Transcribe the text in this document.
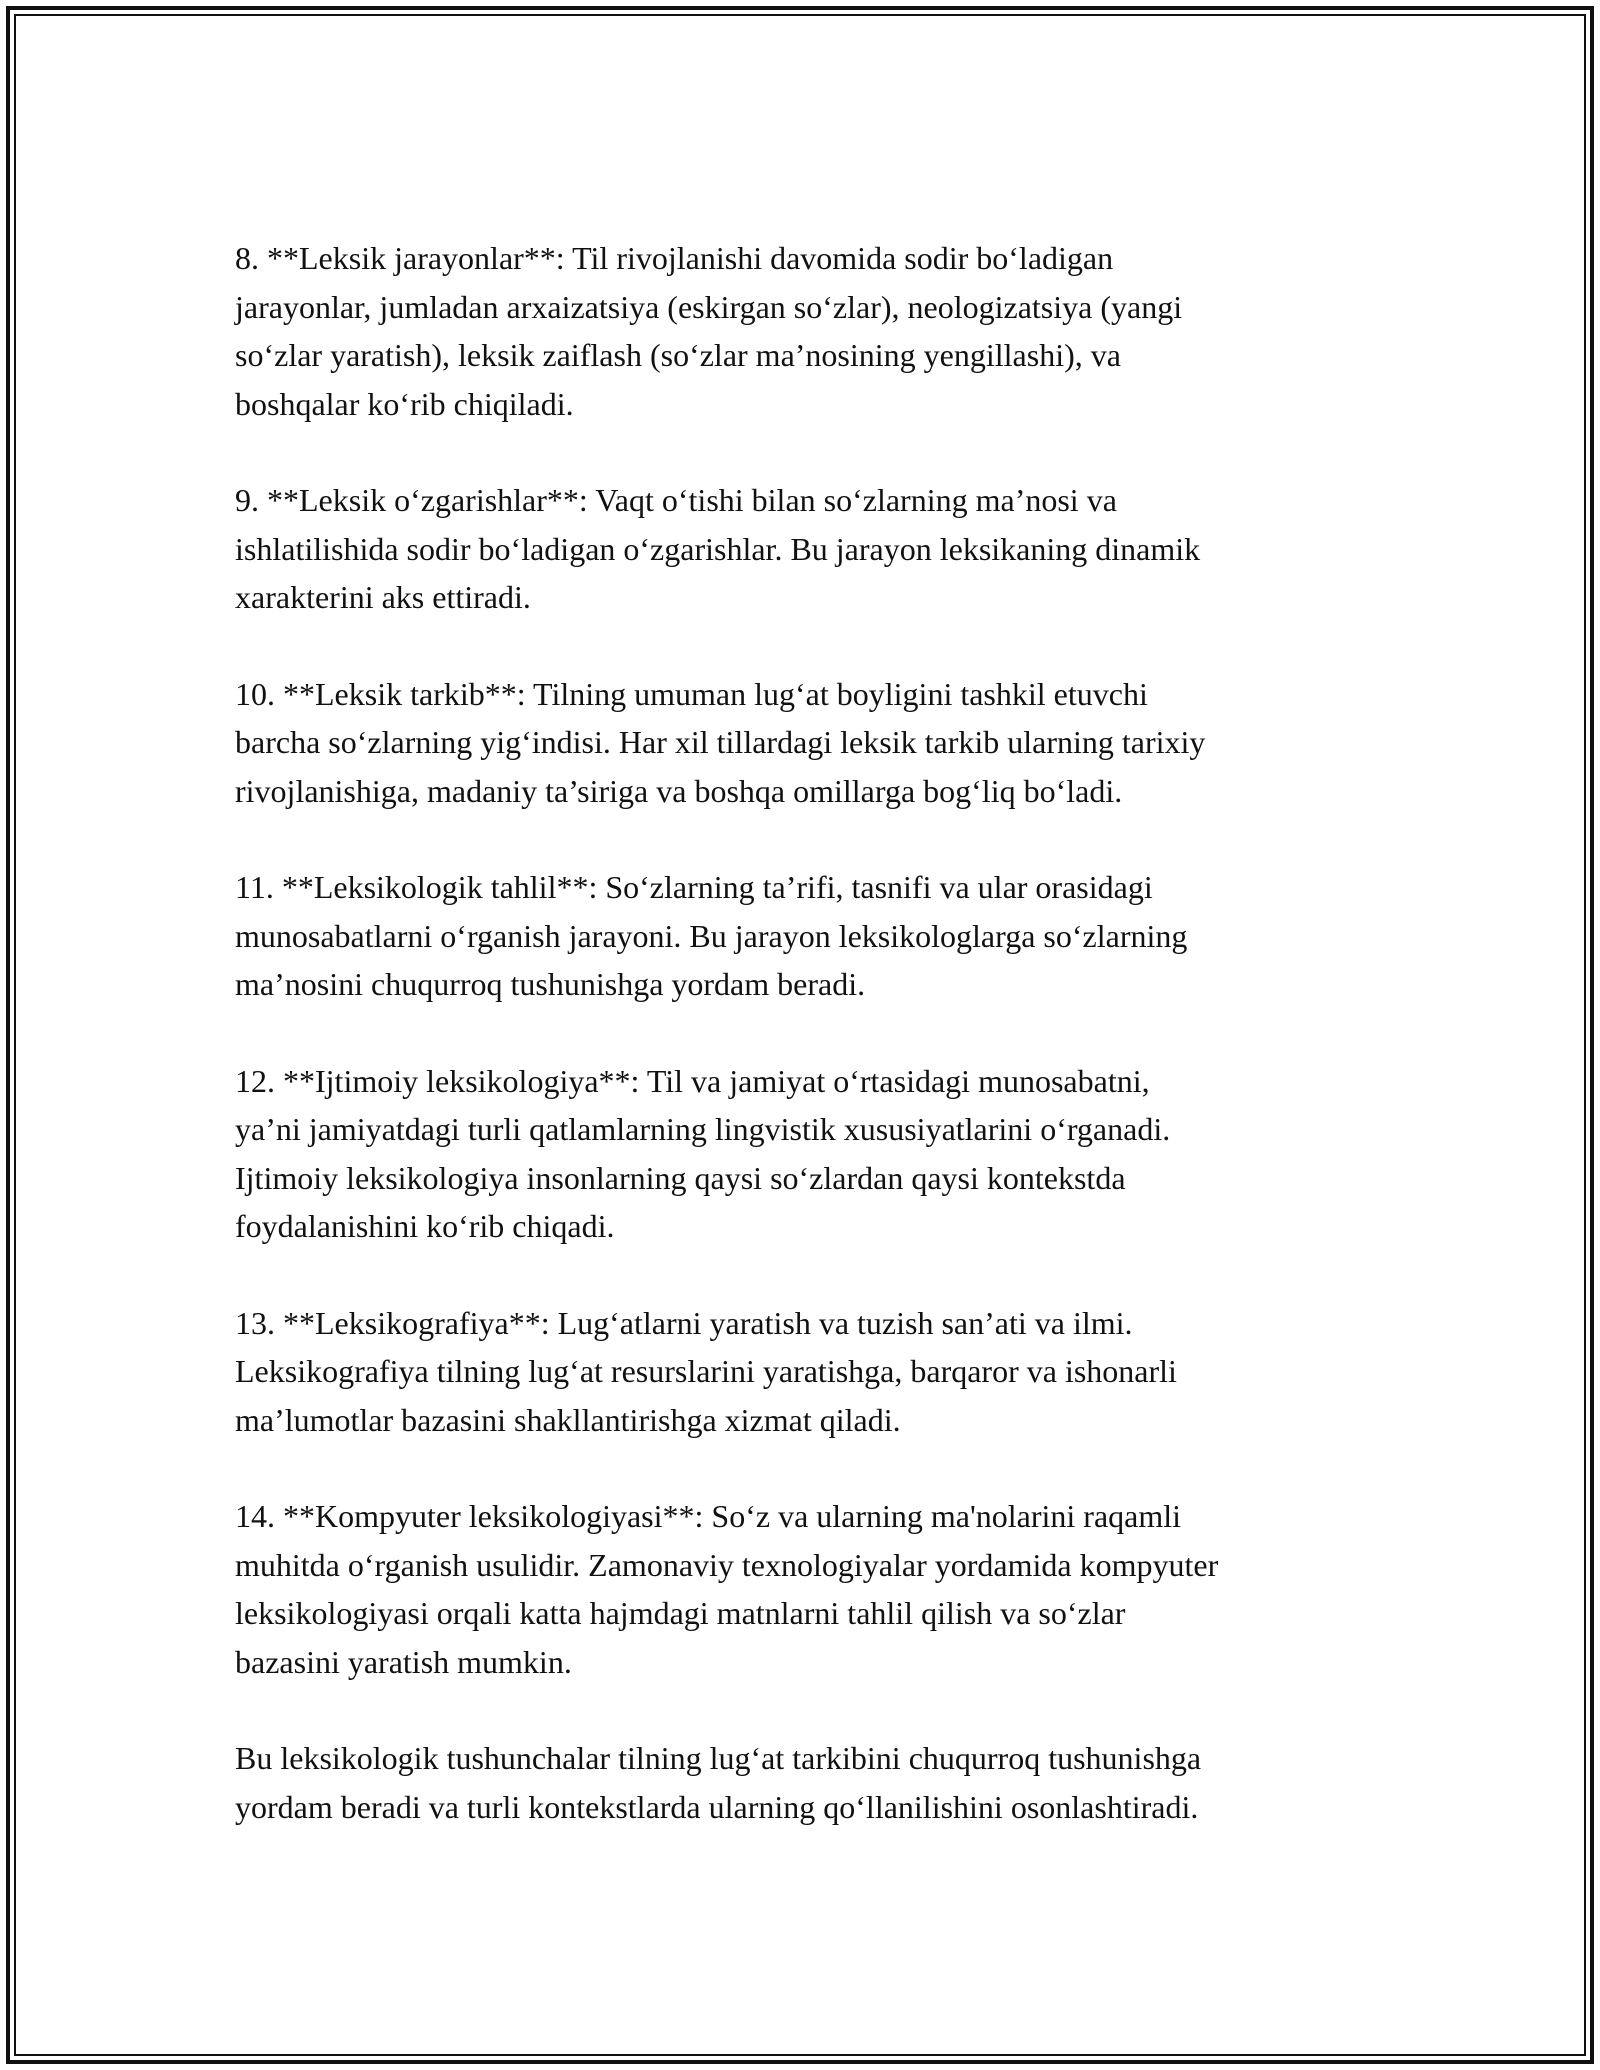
8. **Leksik jarayonlar**: Til rivojlanishi davomida sodir bo‘ladigan
jarayonlar, jumladan arxaizatsiya (eskirgan so‘zlar), neologizatsiya (yangi
so‘zlar yaratish), leksik zaiflash (so‘zlar ma’nosining yengillashi), va
boshqalar ko‘rib chiqiladi.

9. **Leksik o‘zgarishlar**: Vaqt o‘tishi bilan so‘zlarning ma’nosi va
ishlatilishida sodir bo‘ladigan o‘zgarishlar. Bu jarayon leksikaning dinamik
xarakterini aks ettiradi.

10. **Leksik tarkib**: Tilning umuman lug‘at boyligini tashkil etuvchi
barcha so‘zlarning yig‘indisi. Har xil tillardagi leksik tarkib ularning tarixiy
rivojlanishiga, madaniy ta’siriga va boshqa omillarga bog‘liq bo‘ladi.

11. **Leksikologik tahlil**: So‘zlarning ta’rifi, tasnifi va ular orasidagi
munosabatlarni o‘rganish jarayoni. Bu jarayon leksikologlarga so‘zlarning
ma’nosini chuqurroq tushunishga yordam beradi.

12. **Ijtimoiy leksikologiya**: Til va jamiyat o‘rtasidagi munosabatni,
ya’ni jamiyatdagi turli qatlamlarning lingvistik xususiyatlarini o‘rganadi.
Ijtimoiy leksikologiya insonlarning qaysi so‘zlardan qaysi kontekstda
foydalanishini ko‘rib chiqadi.

13. **Leksikografiya**: Lug‘atlarni yaratish va tuzish san’ati va ilmi.
Leksikografiya tilning lug‘at resurslarini yaratishga, barqaror va ishonarli
ma’lumotlar bazasini shakllantirishga xizmat qiladi.

14. **Kompyuter leksikologiyasi**: So‘z va ularning ma'nolarini raqamli
muhitda o‘rganish usulidir. Zamonaviy texnologiyalar yordamida kompyuter
leksikologiyasi orqali katta hajmdagi matnlarni tahlil qilish va so‘zlar
bazasini yaratish mumkin.

Bu leksikologik tushunchalar tilning lug‘at tarkibini chuqurroq tushunishga
yordam beradi va turli kontekstlarda ularning qo‘llanilishini osonlashtiradi.
